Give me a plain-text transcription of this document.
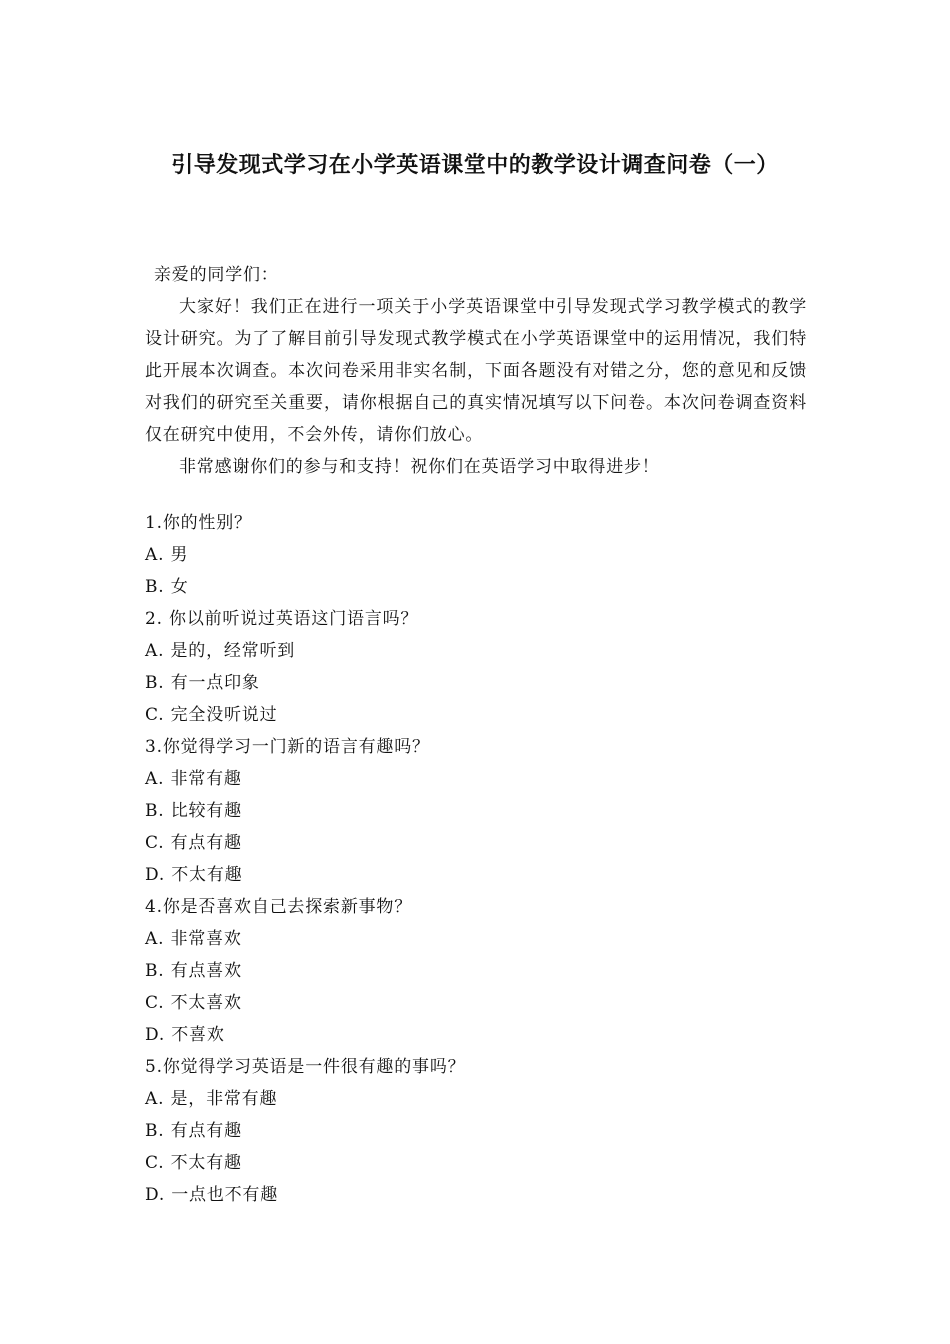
引导发现式学习在小学英语课堂中的教学设计调查问卷（一）
亲爱的同学们：

大家好！我们正在进行一项关于小学英语课堂中引导发现式学习教学模式的教学设计研究。为了了解目前引导发现式教学模式在小学英语课堂中的运用情况，我们特此开展本次调查。本次问卷采用非实名制，下面各题没有对错之分，您的意见和反馈对我们的研究至关重要，请你根据自己的真实情况填写以下问卷。本次问卷调查资料仅在研究中使用，不会外传，请你们放心。

非常感谢你们的参与和支持！祝你们在英语学习中取得进步！

1.你的性别？
A. 男
B. 女
2. 你以前听说过英语这门语言吗？
A. 是的，经常听到
B. 有一点印象
C. 完全没听说过
3.你觉得学习一门新的语言有趣吗？
A. 非常有趣
B. 比较有趣
C. 有点有趣
D. 不太有趣
4.你是否喜欢自己去探索新事物？
A. 非常喜欢
B. 有点喜欢
C. 不太喜欢
D. 不喜欢
5.你觉得学习英语是一件很有趣的事吗？
A. 是，非常有趣
B. 有点有趣
C. 不太有趣
D. 一点也不有趣
